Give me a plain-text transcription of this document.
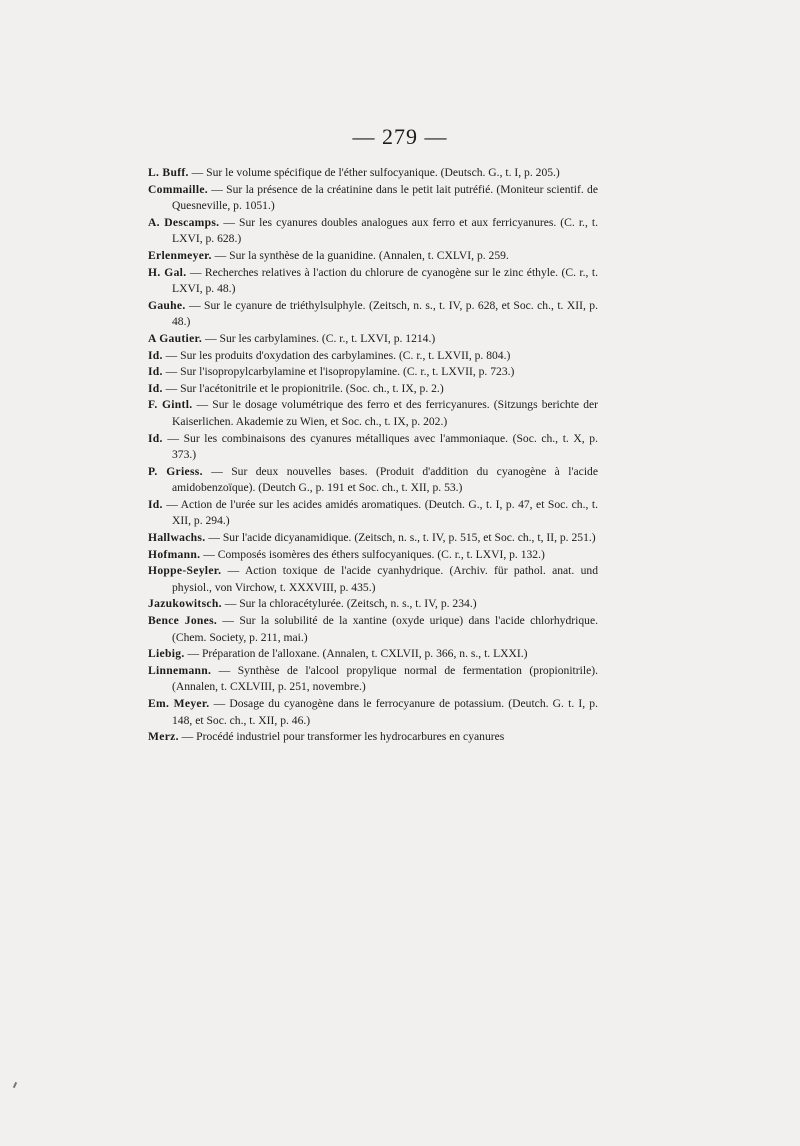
— 279 —

L. Buff. — Sur le volume spécifique de l'éther sulfocyanique. (Deutsch. G., t. I, p. 205.)

Commaille. — Sur la présence de la créatinine dans le petit lait putréfié. (Moniteur scientif. de Quesneville, p. 1051.)

A. Descamps. — Sur les cyanures doubles analogues aux ferro et aux ferricyanures. (C. r., t. LXVI, p. 628.)

Erlenmeyer. — Sur la synthèse de la guanidine. (Annalen, t. CXLVI, p. 259.

H. Gal. — Recherches relatives à l'action du chlorure de cyanogène sur le zinc éthyle. (C. r., t. LXVI, p. 48.)

Gauhe. — Sur le cyanure de triéthylsulphyle. (Zeitsch, n. s., t. IV, p. 628, et Soc. ch., t. XII, p. 48.)

A Gautier. — Sur les carbylamines. (C. r., t. LXVI, p. 1214.)

Id. — Sur les produits d'oxydation des carbylamines. (C. r., t. LXVII, p. 804.)

Id. — Sur l'isopropylcarbylamine et l'isopropylamine. (C. r., t. LXVII, p. 723.)

Id. — Sur l'acétonitrile et le propionitrile. (Soc. ch., t. IX, p. 2.)

F. Gintl. — Sur le dosage volumétrique des ferro et des ferricyanures. (Sitzungs berichte der Kaiserlichen. Akademie zu Wien, et Soc. ch., t. IX, p. 202.)

Id. — Sur les combinaisons des cyanures métalliques avec l'ammoniaque. (Soc. ch., t. X, p. 373.)

P. Griess. — Sur deux nouvelles bases. (Produit d'addition du cyanogène à l'acide amidobenzoïque). (Deutch G., p. 191 et Soc. ch., t. XII, p. 53.)

Id. — Action de l'urée sur les acides amidés aromatiques. (Deutch. G., t. I, p. 47, et Soc. ch., t. XII, p. 294.)

Hallwachs. — Sur l'acide dicyanamidique. (Zeitsch, n. s., t. IV, p. 515, et Soc. ch., t, II, p. 251.)

Hofmann. — Composés isomères des éthers sulfocyaniques. (C. r., t. LXVI, p. 132.)

Hoppe-Seyler. — Action toxique de l'acide cyanhydrique. (Archiv. für pathol. anat. und physiol., von Virchow, t. XXXVIII, p. 435.)

Jazukowitsch. — Sur la chloracétylurée. (Zeitsch, n. s., t. IV, p. 234.)

Bence Jones. — Sur la solubilité de la xantine (oxyde urique) dans l'acide chlorhydrique. (Chem. Society, p. 211, mai.)

Liebig. — Préparation de l'alloxane. (Annalen, t. CXLVII, p. 366, n. s., t. LXXI.)

Linnemann. — Synthèse de l'alcool propylique normal de fermentation (propionitrile). (Annalen, t. CXLVIII, p. 251, novembre.)

Em. Meyer. — Dosage du cyanogène dans le ferrocyanure de potassium. (Deutch. G. t. I, p. 148, et Soc. ch., t. XII, p. 46.)

Merz. — Procédé industriel pour transformer les hydrocarbures en cyanures
